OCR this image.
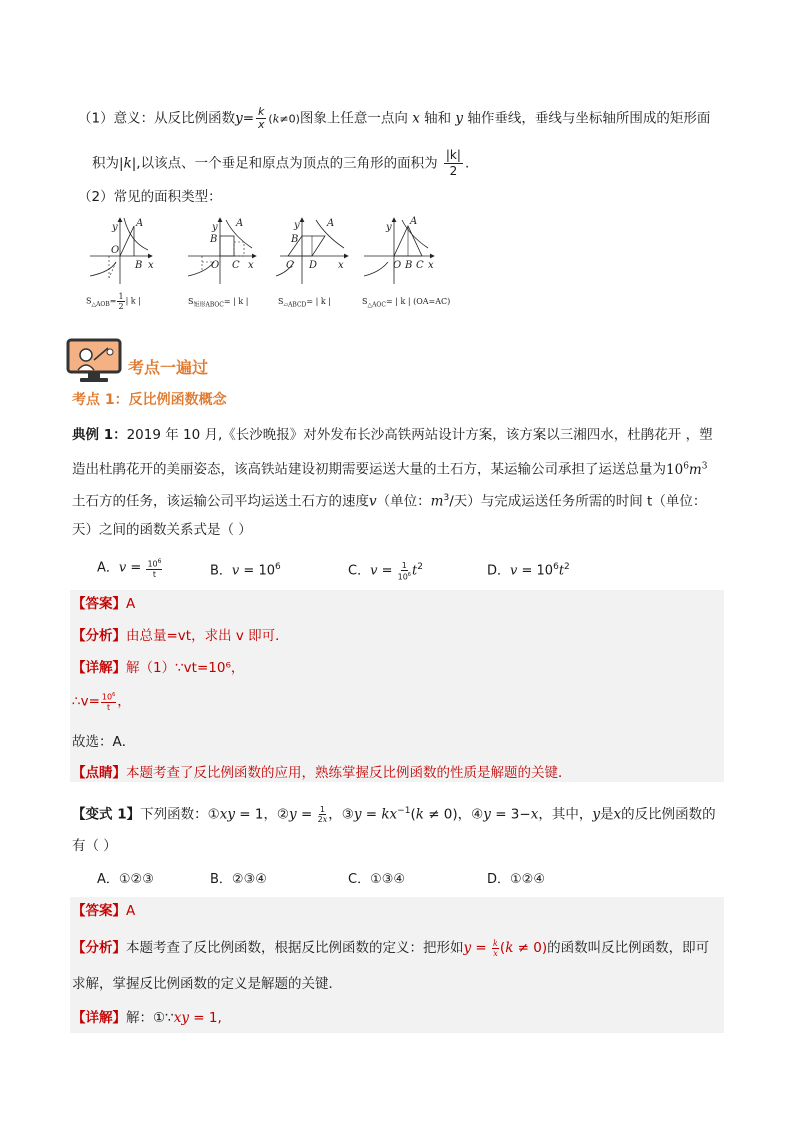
（1）意义：从反比例函数$y= \frac{k}{x} (k\ne 0)$图象上任意一点向 x 轴和 y 轴作垂线，垂线与坐标轴所围成的矩形面
积为|k|,以该点、一个垂足和原点为顶点的三角形的面积为 $\frac{|k|}{2}$ .
（2）常见的面积类型：
y A
O
B x
y A
B
O C x
y	A
B
C D x
y
A
O B C x
$S_{\triangle AOB}= \frac{1}{2}$ | k |	$S_{矩形ABOC}=$ | k |	$S_{▱ABCD}=$ | k |	$S_{\triangle AOC}=$ | k | (OA=AC)
考点一遍过
考点 1：反比例函数概念
典例 1：2019 年 10 月,《长沙晚报》对外发布长沙高铁两站设计方案，该方案以三湘四水，杜鹃花开 ，塑
造出杜鹃花开的美丽姿态，该高铁站建设初期需要运送大量的土石方，某运输公司承担了运送总量为$10^6m^3$
土石方的任务，该运输公司平均运送土石方的速度v（单位：$m^3/$天）与完成运送任务所需的时间 t（单位：
天）之间的函数关系式是（ ）
A．$v = \frac{10^6}{t}$	B．$v = 10^6$	C．$v = \frac{1}{10^6} t^2$	D．$v = 10^6t^2$
【答案】A
【分析】由总量=vt，求出 v 即可．
【详解】解（1）∵vt=10⁶，
∴v= $\frac{10^6}{t}$ ，
故选：A．
【点睛】本题考查了反比例函数的应用，熟练掌握反比例函数的性质是解题的关键．
【变式 1】下列函数：①xy = 1，②y = $\frac{1}{2x}$ ，③y = $kx^{-1}(k \ne 0)$，④y = 3−x，其中，y是x的反比例函数的
有（ ）
A．①②③	B．②③④	C．①③④	D．①②④
【答案】A
【分析】本题考查了反比例函数，根据反比例函数的定义：把形如$y = \frac{k}{x} (k \ne 0)$的函数叫反比例函数，即可
求解，掌握反比例函数的定义是解题的关键．
【详解】解：①∵xy = 1,
